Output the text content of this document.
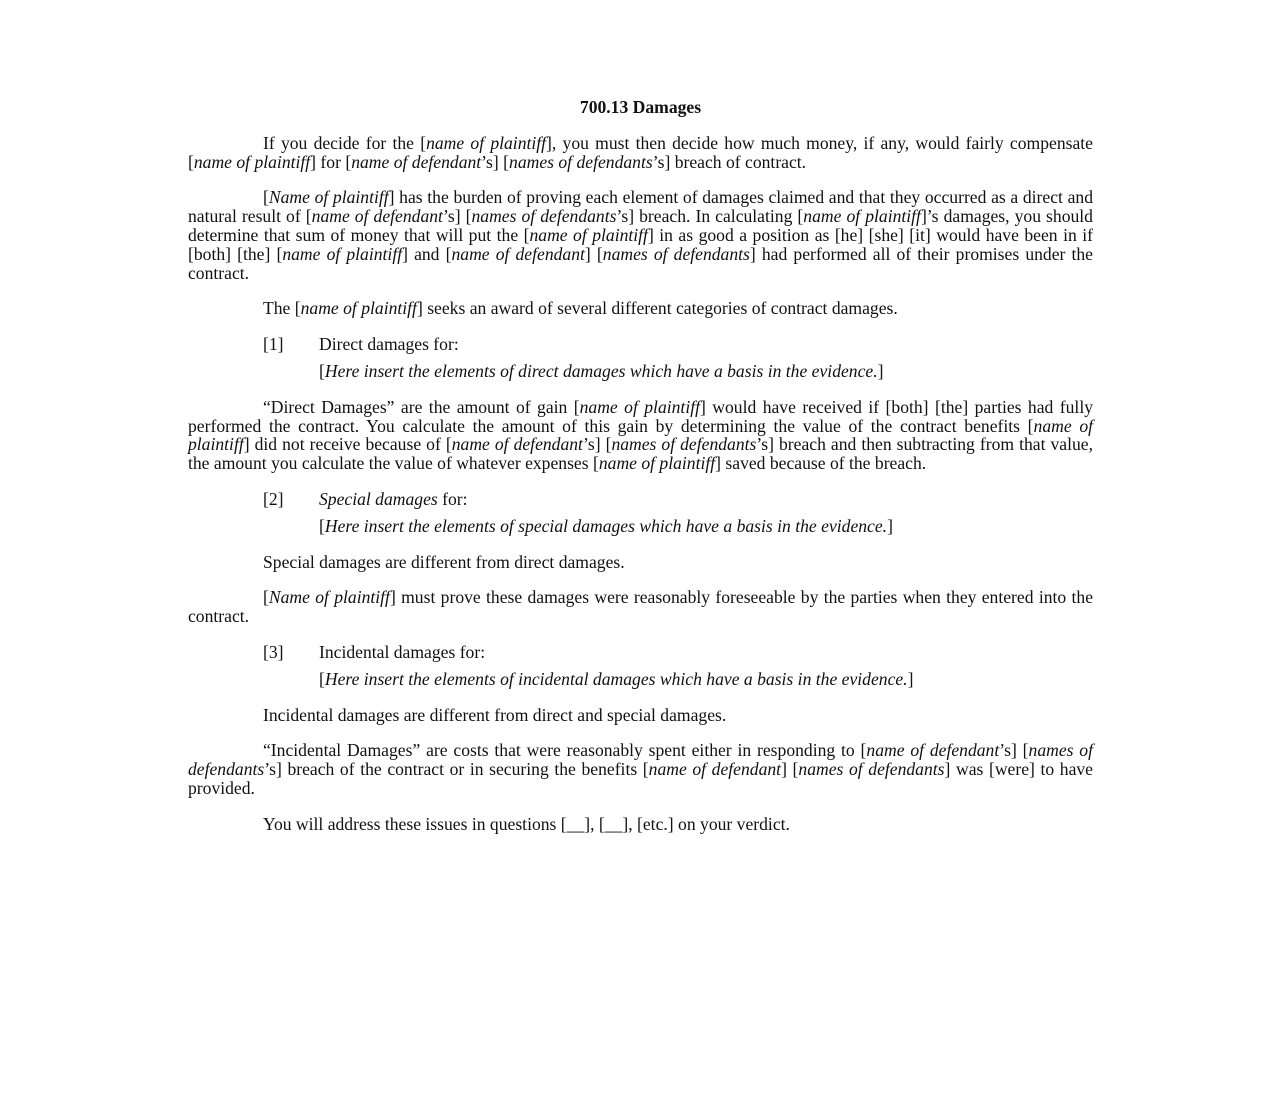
700.13 Damages

If you decide for the [name of plaintiff], you must then decide how much money, if any, would fairly compensate [name of plaintiff] for [name of defendant’s] [names of defendants’s] breach of contract.

[Name of plaintiff] has the burden of proving each element of damages claimed and that they occurred as a direct and natural result of [name of defendant’s] [names of defendants’s] breach. In calculating [name of plaintiff]’s damages, you should determine that sum of money that will put the [name of plaintiff] in as good a position as [he] [she] [it] would have been in if [both] [the] [name of plaintiff] and [name of defendant] [names of defendants] had performed all of their promises under the contract.

The [name of plaintiff] seeks an award of several different categories of contract damages.

[1]	Direct damages for:

[Here insert the elements of direct damages which have a basis in the evidence.]

“Direct Damages” are the amount of gain [name of plaintiff] would have received if [both] [the] parties had fully performed the contract. You calculate the amount of this gain by determining the value of the contract benefits [name of plaintiff] did not receive because of [name of defendant’s] [names of defendants’s] breach and then subtracting from that value, the amount you calculate the value of whatever expenses [name of plaintiff] saved because of the breach.

[2]	Special damages for:

[Here insert the elements of special damages which have a basis in the evidence.]

Special damages are different from direct damages.

[Name of plaintiff] must prove these damages were reasonably foreseeable by the parties when they entered into the contract.

[3]	Incidental damages for:

[Here insert the elements of incidental damages which have a basis in the evidence.]

Incidental damages are different from direct and special damages.

“Incidental Damages” are costs that were reasonably spent either in responding to [name of defendant’s] [names of defendants’s] breach of the contract or in securing the benefits [name of defendant] [names of defendants] was [were] to have provided.

You will address these issues in questions [__], [__], [etc.] on your verdict.
